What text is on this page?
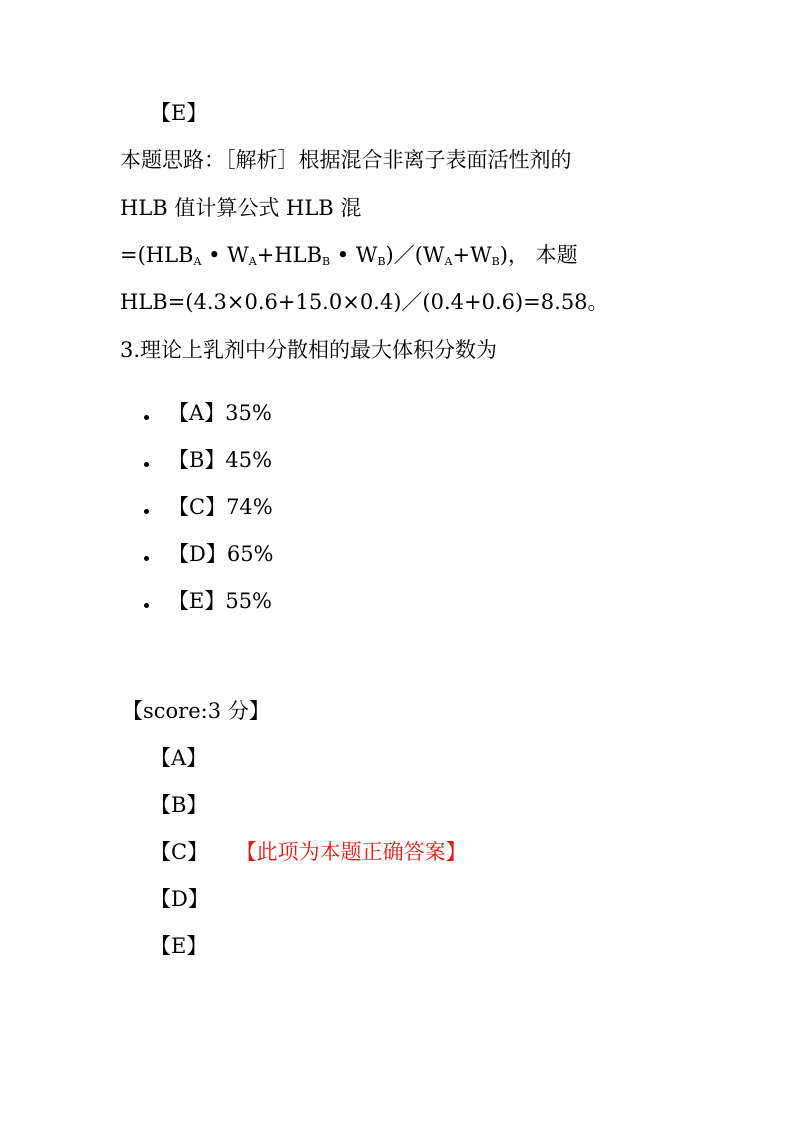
【E】
本题思路：［解析］根据混合非离子表面活性剂的
HLB 值计算公式 HLB 混
$=(HLB_A$ • $W_A+HLB_B$ • $W_B)/(W_A+W_B)$， 本题
HLB=(4.3×0.6+15.0×0.4)／(0.4+0.6)=8.58。
3.理论上乳剂中分散相的最大体积分数为
【A】35%
【B】45%
【C】74%
【D】65%
【E】55%
【score:3 分】
【A】
【B】
【C】 【此项为本题正确答案】
【D】
【E】
